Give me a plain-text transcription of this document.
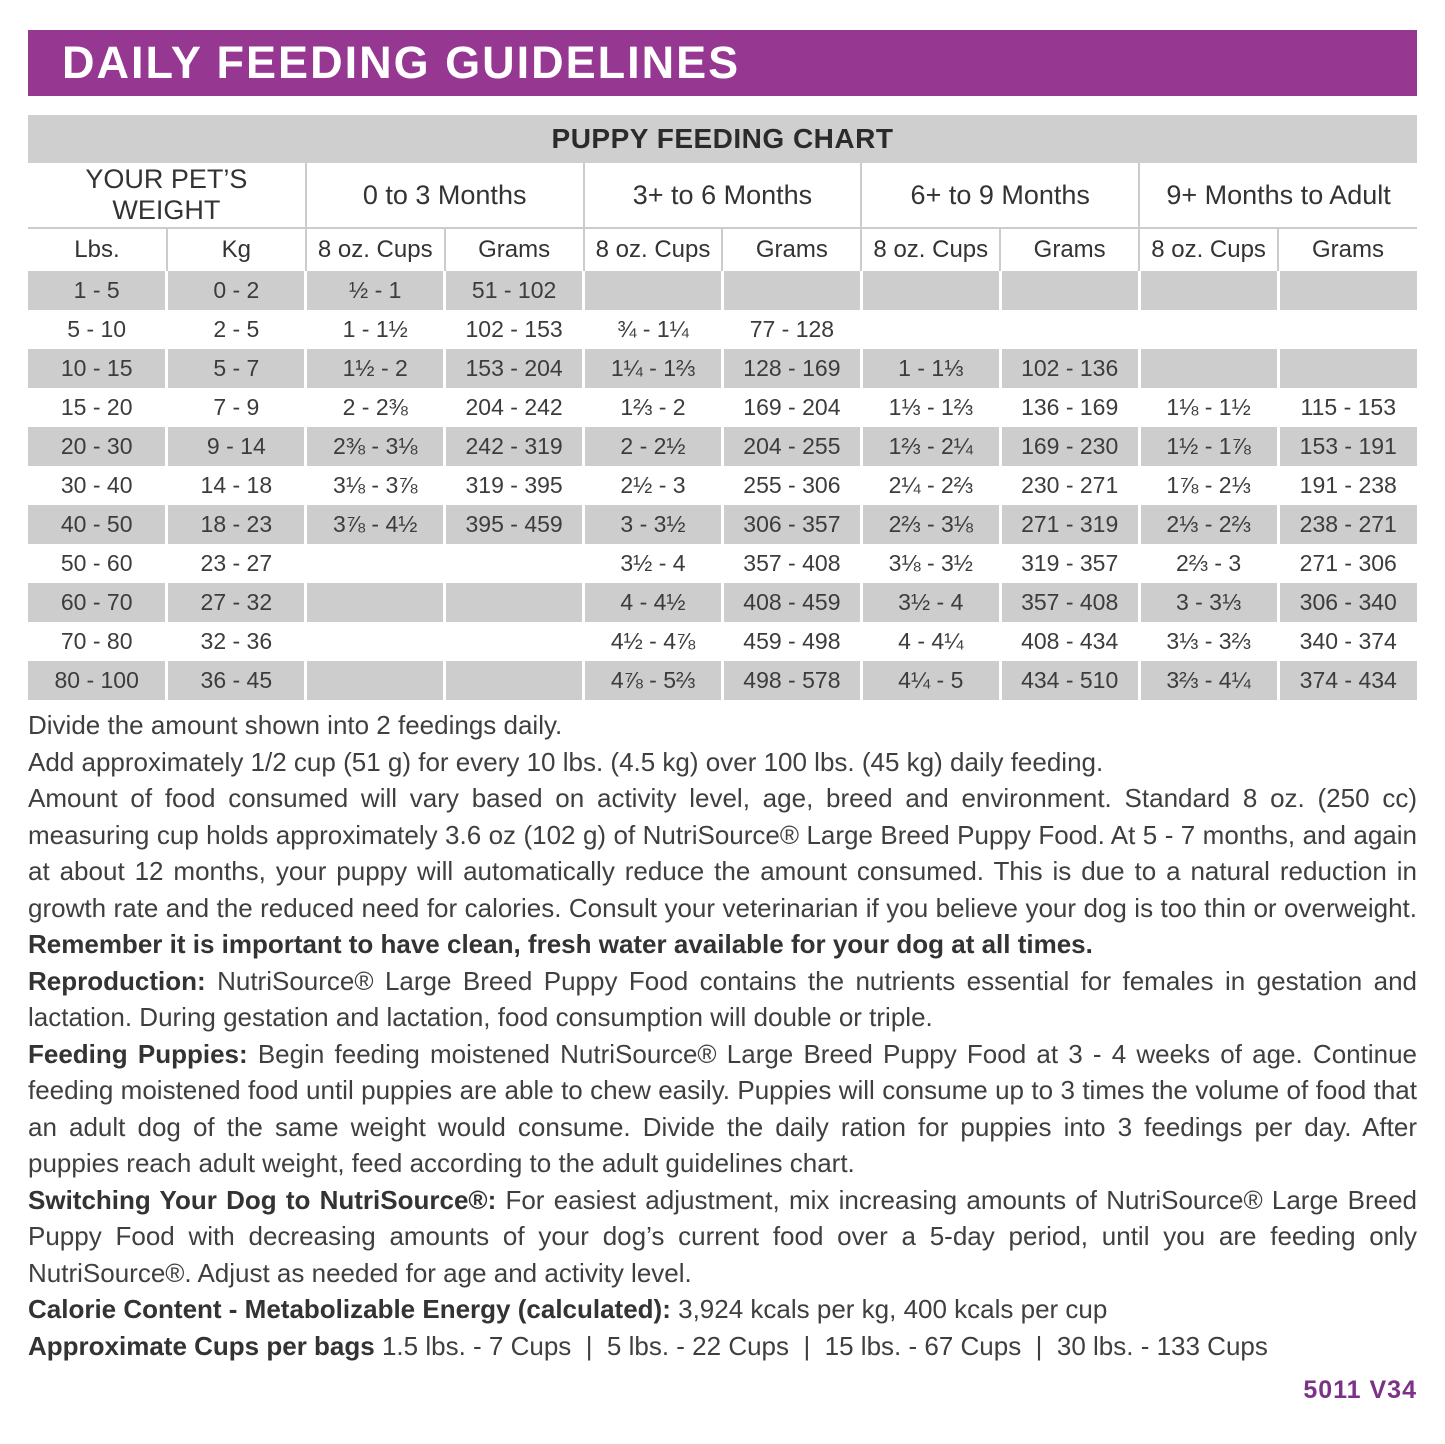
DAILY FEEDING GUIDELINES
PUPPY FEEDING CHART
YOUR PET’S WEIGHT		0 to 3 Months		3+ to 6 Months		6+ to 9 Months		9+ Months to Adult	
Lbs.	Kg	8 oz. Cups	Grams	8 oz. Cups	Grams	8 oz. Cups	Grams	8 oz. Cups	Grams
1 - 5	0 - 2	½ - 1	51 - 102						
5 - 10	2 - 5	1 - 1½	102 - 153	¾ - 1¼	77 - 128				
10 - 15	5 - 7	1½ - 2	153 - 204	1¼ - 1⅔	128 - 169	1 - 1⅓	102 - 136		
15 - 20	7 - 9	2 - 2⅜	204 - 242	1⅔ - 2	169 - 204	1⅓ - 1⅔	136 - 169	1⅛ - 1½	115 - 153
20 - 30	9 - 14	2⅜ - 3⅛	242 - 319	2 - 2½	204 - 255	1⅔ - 2¼	169 - 230	1½ - 1⅞	153 - 191
30 - 40	14 - 18	3⅛ - 3⅞	319 - 395	2½ - 3	255 - 306	2¼ - 2⅔	230 - 271	1⅞ - 2⅓	191 - 238
40 - 50	18 - 23	3⅞ - 4½	395 - 459	3 - 3½	306 - 357	2⅔ - 3⅛	271 - 319	2⅓ - 2⅔	238 - 271
50 - 60	23 - 27			3½ - 4	357 - 408	3⅛ - 3½	319 - 357	2⅔ - 3	271 - 306
60 - 70	27 - 32			4 - 4½	408 - 459	3½ - 4	357 - 408	3 - 3⅓	306 - 340
70 - 80	32 - 36			4½ - 4⅞	459 - 498	4 - 4¼	408 - 434	3⅓ - 3⅔	340 - 374
80 - 100	36 - 45			4⅞ - 5⅔	498 - 578	4¼ - 5	434 - 510	3⅔ - 4¼	374 - 434

Divide the amount shown into 2 feedings daily.

Add approximately 1/2 cup (51 g) for every 10 lbs. (4.5 kg) over 100 lbs. (45 kg) daily feeding.

Amount of food consumed will vary based on activity level, age, breed and environment. Standard 8 oz. (250 cc) measuring cup holds approximately 3.6 oz (102 g) of NutriSource® Large Breed Puppy Food. At 5 - 7 months, and again at about 12 months, your puppy will automatically reduce the amount consumed. This is due to a natural reduction in growth rate and the reduced need for calories. Consult your veterinarian if you believe your dog is too thin or overweight. Remember it is important to have clean, fresh water available for your dog at all times.

Reproduction: NutriSource® Large Breed Puppy Food contains the nutrients essential for females in gestation and lactation. During gestation and lactation, food consumption will double or triple.

Feeding Puppies: Begin feeding moistened NutriSource® Large Breed Puppy Food at 3 - 4 weeks of age. Continue feeding moistened food until puppies are able to chew easily. Puppies will consume up to 3 times the volume of food that an adult dog of the same weight would consume. Divide the daily ration for puppies into 3 feedings per day. After puppies reach adult weight, feed according to the adult guidelines chart.

Switching Your Dog to NutriSource®: For easiest adjustment, mix increasing amounts of NutriSource® Large Breed Puppy Food with decreasing amounts of your dog’s current food over a 5-day period, until you are feeding only NutriSource®. Adjust as needed for age and activity level.

Calorie Content - Metabolizable Energy (calculated): 3,924 kcals per kg, 400 kcals per cup

Approximate Cups per bags 1.5 lbs. - 7 Cups  |  5 lbs. - 22 Cups  |  15 lbs. - 67 Cups  |  30 lbs. - 133 Cups

5011 V34
